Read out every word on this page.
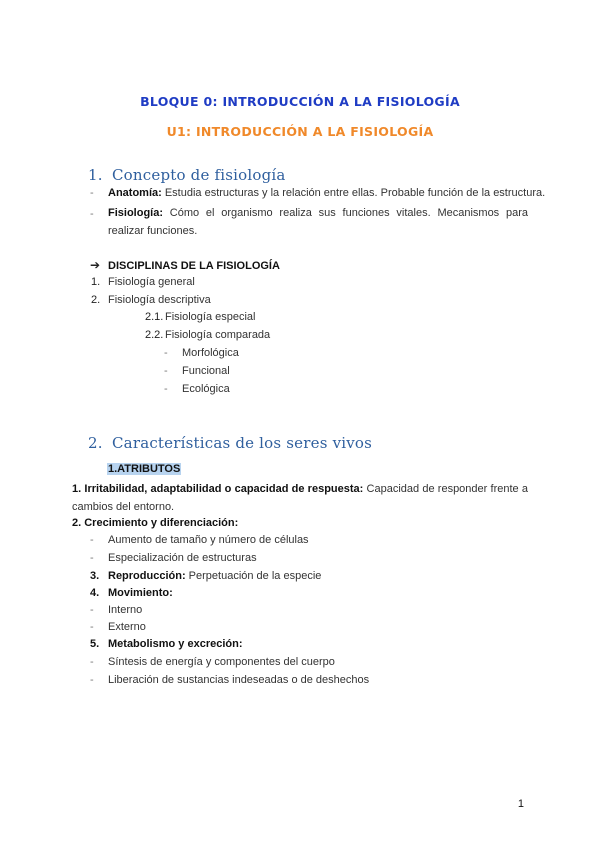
BLOQUE 0: INTRODUCCIÓN A LA FISIOLOGÍA
U1: INTRODUCCIÓN A LA FISIOLOGÍA
1. Concepto de fisiología
- Anatomía: Estudia estructuras y la relación entre ellas. Probable función de la estructura.
- Fisiología: Cómo el organismo realiza sus funciones vitales. Mecanismos para realizar funciones.
➔ DISCIPLINAS DE LA FISIOLOGÍA
1. Fisiología general
2. Fisiología descriptiva
2.1. Fisiología especial
2.2. Fisiología comparada
- Morfológica
- Funcional
- Ecológica
2. Características de los seres vivos
1.ATRIBUTOS
1. Irritabilidad, adaptabilidad o capacidad de respuesta: Capacidad de responder frente a cambios del entorno.
2. Crecimiento y diferenciación:
- Aumento de tamaño y número de células
- Especialización de estructuras
3. Reproducción: Perpetuación de la especie
4. Movimiento:
- Interno
- Externo
5. Metabolismo y excreción:
- Síntesis de energía y componentes del cuerpo
- Liberación de sustancias indeseadas o de deshechos
1
